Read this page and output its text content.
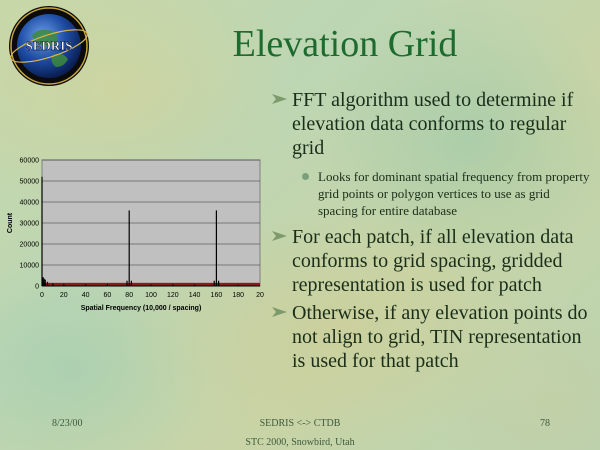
SEDRIS	Elevation Grid
FFT algorithm used to determine if elevation data conforms to regular grid
Looks for dominant spatial frequency from property grid points or polygon vertices to use as grid spacing for entire database
For each patch, if all elevation data conforms to grid spacing, gridded representation is used for patch
Otherwise, if any elevation points do not align to grid, TIN representation is used for that patch
0
10000
20000
30000
40000
50000
60000
0 20 40 60 80 100 120 140 160 180 20
Spatial Frequency (10,000 / spacing)
Count
8/23/00	SEDRIS <-> CTDB	78
STC 2000, Snowbird, Utah
